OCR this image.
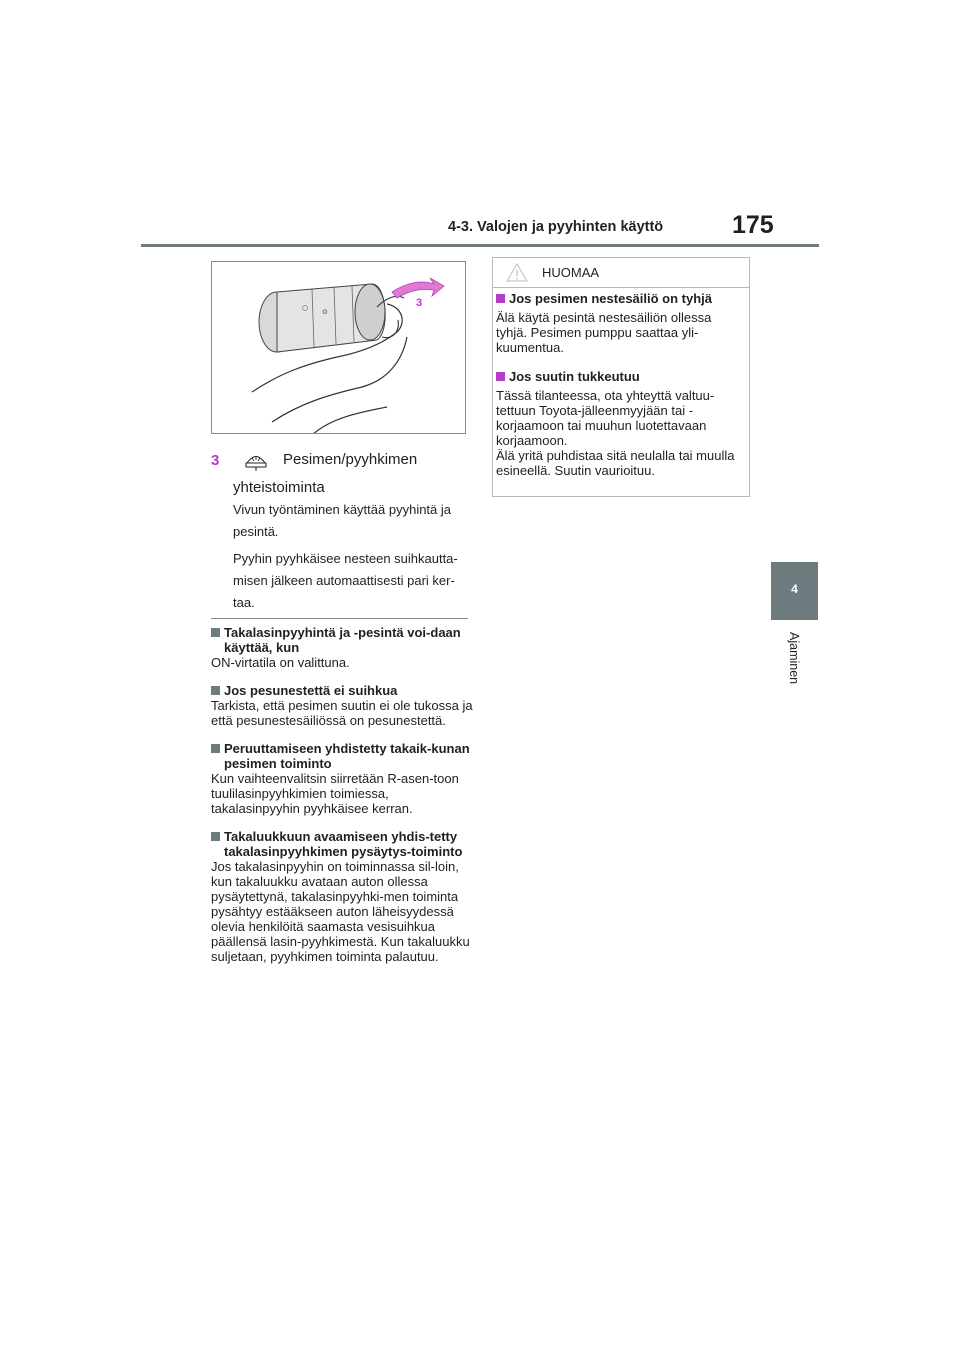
4-3. Valojen ja pyyhinten käyttö	175
4
Ajaminen
○ ⊙
3
3	Pesimen/pyyhkimen
yhteistoiminta

Vivun työntäminen käyttää pyyhintä ja pesintä.

Pyyhin pyyhkäisee nesteen suihkautta-misen jälkeen automaattisesti pari ker-taa.

Takalasinpyyhintä ja -pesintä voi-daan käyttää, kun

ON-virtatila on valittuna.

Jos pesunestettä ei suihkua

Tarkista, että pesimen suutin ei ole tukossa ja että pesunestesäiliössä on pesunestettä.

Peruuttamiseen yhdistetty takaik-kunan pesimen toiminto

Kun vaihteenvalitsin siirretään R-asen-toon tuulilasinpyyhkimien toimiessa, takalasinpyyhin pyyhkäisee kerran.

Takaluukkuun avaamiseen yhdis-tetty takalasinpyyhkimen pysäytys-toiminto

Jos takalasinpyyhin on toiminnassa sil-loin, kun takaluukku avataan auton ollessa pysäytettynä, takalasinpyyhki-men toiminta pysähtyy estääkseen auton läheisyydessä olevia henkilöitä saamasta vesisuihkua päällensä lasin-pyyhkimestä. Kun takaluukku suljetaan, pyyhkimen toiminta palautuu.

HUOMAA
Jos pesimen nestesäiliö on tyhjä

Älä käytä pesintä nestesäiliön ollessa tyhjä. Pesimen pumppu saattaa yli-kuumentua.

Jos suutin tukkeutuu

Tässä tilanteessa, ota yhteyttä valtuu-tettuun Toyota-jälleenmyyjään tai -korjaamoon tai muuhun luotettavaan korjaamoon.
Älä yritä puhdistaa sitä neulalla tai muulla esineellä. Suutin vaurioituu.
